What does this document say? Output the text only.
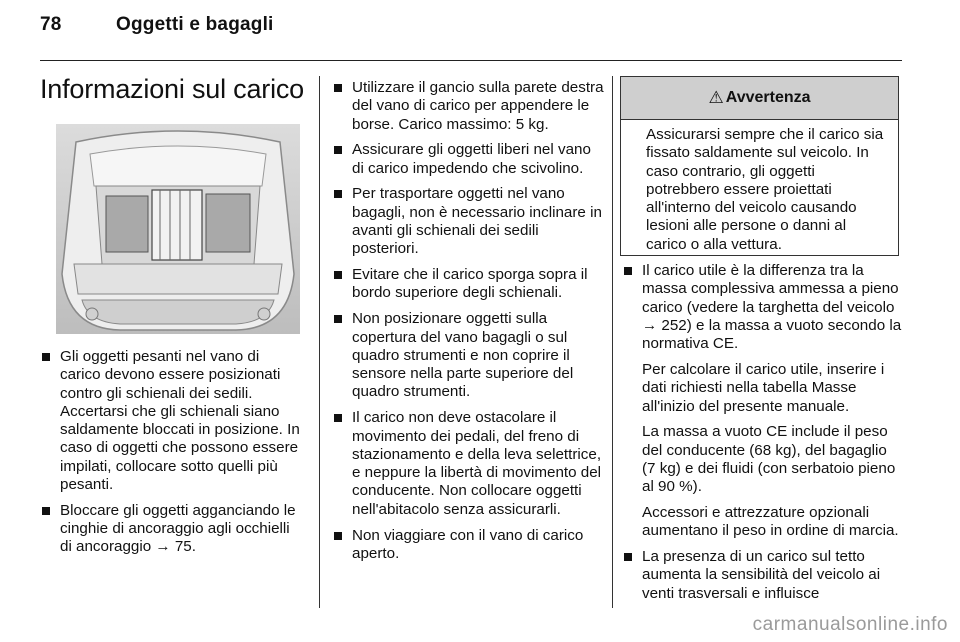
78	Oggetti e bagagli
Informazioni sul carico
Gli oggetti pesanti nel vano di carico devono essere posizionati contro gli schienali dei sedili. Accertarsi che gli schienali siano saldamente bloccati in posizione. In caso di oggetti che possono essere impilati, collocare sotto quelli più pesanti.
Bloccare gli oggetti agganciando le cinghie di ancoraggio agli occhielli di ancoraggio → 75.
Utilizzare il gancio sulla parete destra del vano di carico per appendere le borse. Carico massimo: 5 kg.
Assicurare gli oggetti liberi nel vano di carico impedendo che scivolino.
Per trasportare oggetti nel vano bagagli, non è necessario inclinare in avanti gli schienali dei sedili posteriori.
Evitare che il carico sporga sopra il bordo superiore degli schienali.
Non posizionare oggetti sulla copertura del vano bagagli o sul quadro strumenti e non coprire il sensore nella parte superiore del quadro strumenti.
Il carico non deve ostacolare il movimento dei pedali, del freno di stazionamento e della leva selettrice, e neppure la libertà di movimento del conducente. Non collocare oggetti nell'abitacolo senza assicurarli.
Non viaggiare con il vano di carico aperto.
⚠ Avvertenza
Assicurarsi sempre che il carico sia fissato saldamente sul veicolo. In caso contrario, gli oggetti potrebbero essere proiettati all'interno del veicolo causando lesioni alle persone o danni al carico o alla vettura.
Il carico utile è la differenza tra la massa complessiva ammessa a pieno carico (vedere la targhetta del veicolo → 252) e la massa a vuoto secondo la normativa CE.
Per calcolare il carico utile, inserire i dati richiesti nella tabella Masse all'inizio del presente manuale.
La massa a vuoto CE include il peso del conducente (68 kg), del bagaglio (7 kg) e dei fluidi (con serbatoio pieno al 90 %).
Accessori e attrezzature opzionali aumentano il peso in ordine di marcia.
La presenza di un carico sul tetto aumenta la sensibilità del veicolo ai venti trasversali e influisce
carmanualsonline.info
